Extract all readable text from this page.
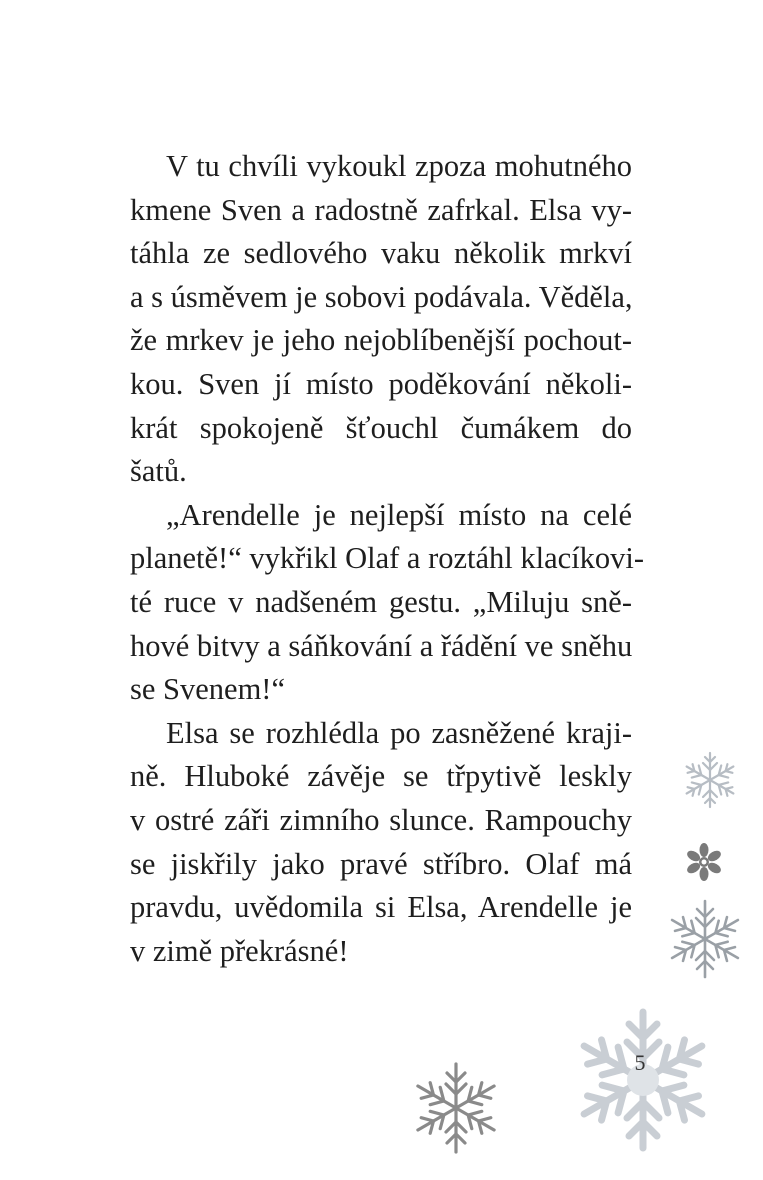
V tu chvíli vykoukl zpoza mohutného
kmene Sven a radostně zafrkal. Elsa vy-
táhla ze sedlového vaku několik mrkví
a s úsměvem je sobovi podávala. Věděla,
že mrkev je jeho nejoblíbenější pochout-
kou. Sven jí místo poděkování několi-
krát spokojeně šťouchl čumákem do
šatů.

„Arendelle je nejlepší místo na celé
planetě!“ vykřikl Olaf a roztáhl klacíkovi-
té ruce v nadšeném gestu. „Miluju sně-
hové bitvy a sáňkování a řádění ve sněhu
se Svenem!“

Elsa se rozhlédla po zasněžené kraji-
ně. Hluboké závěje se třpytivě leskly
v ostré záři zimního slunce. Rampouchy
se jiskřily jako pravé stříbro. Olaf má
pravdu, uvědomila si Elsa, Arendelle je
v zimě překrásné!

5
